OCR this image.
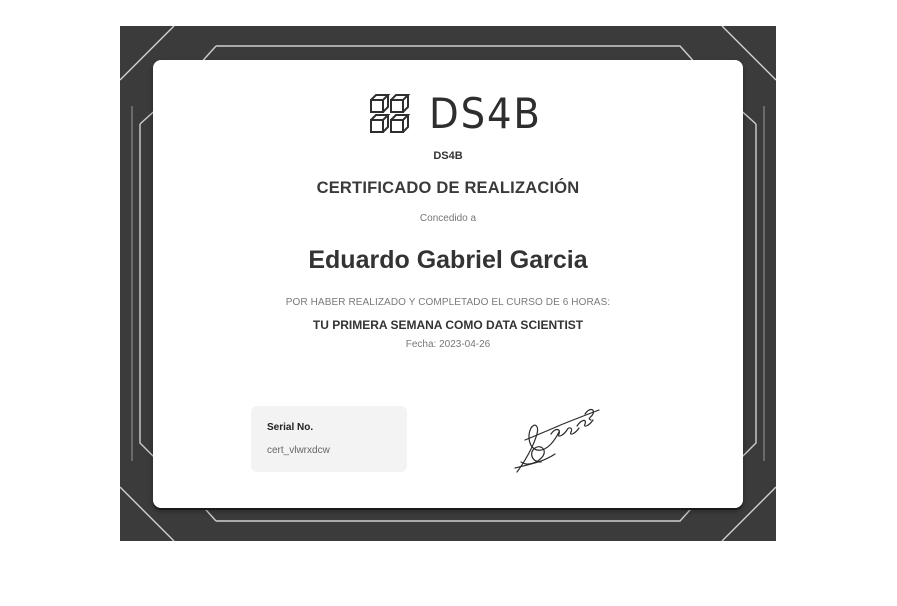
DS4B
DS4B
CERTIFICADO DE REALIZACIÓN
Concedido a
Eduardo Gabriel Garcia
POR HABER REALIZADO Y COMPLETADO EL CURSO DE 6 HORAS:
TU PRIMERA SEMANA COMO DATA SCIENTIST
Fecha: 2023-04-26
Serial No.
cert_vlwrxdcw
